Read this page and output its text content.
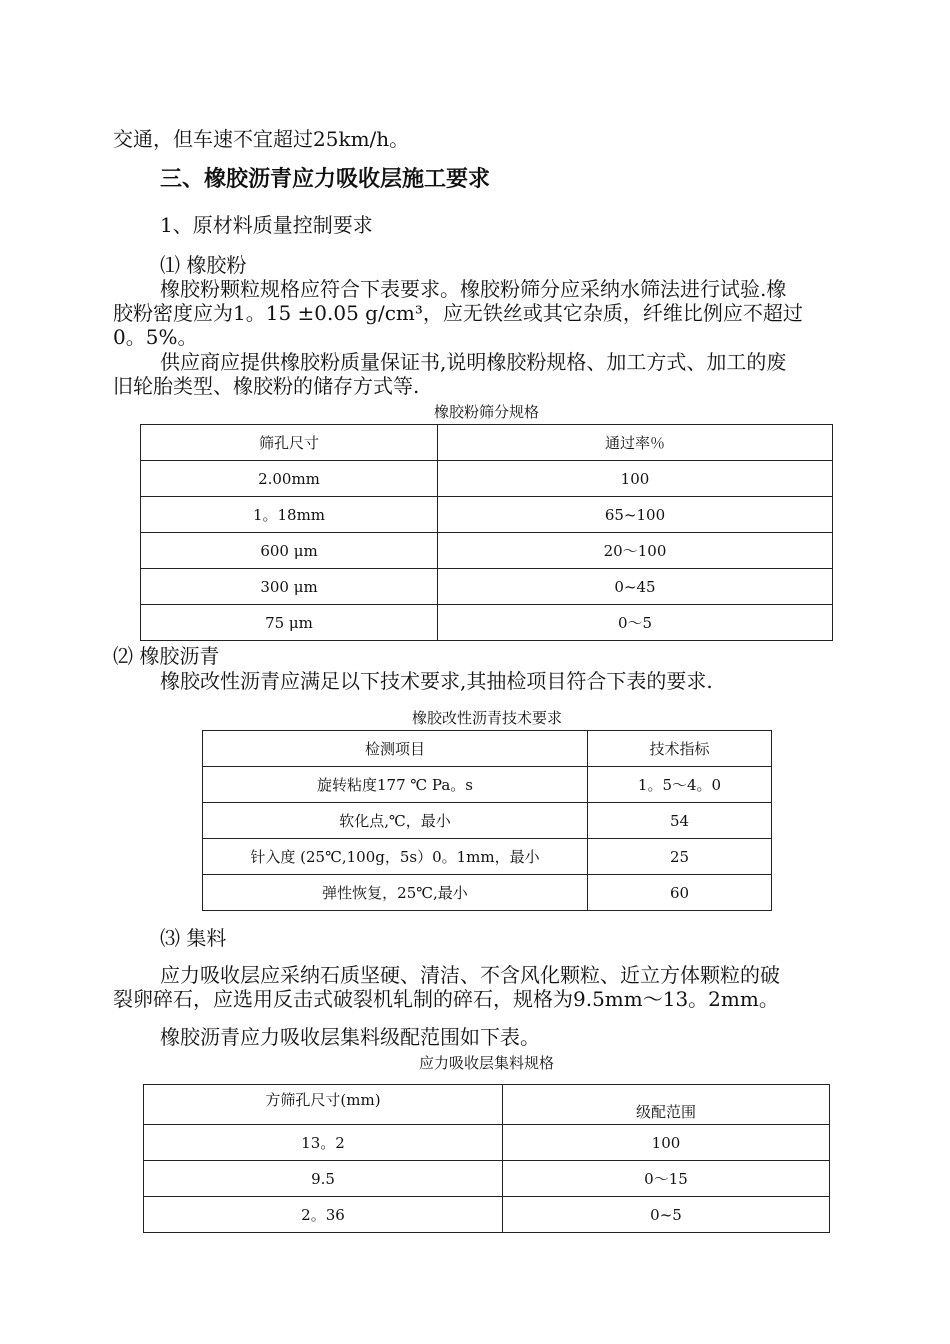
交通，但车速不宜超过25km/h。
三、橡胶沥青应力吸收层施工要求
1、原材料质量控制要求
⑴ 橡胶粉
橡胶粉颗粒规格应符合下表要求。橡胶粉筛分应采纳水筛法进行试验.橡
胶粉密度应为1。15 ±0.05 g/cm³，应无铁丝或其它杂质，纤维比例应不超过
0。5%。
供应商应提供橡胶粉质量保证书,说明橡胶粉规格、加工方式、加工的废
旧轮胎类型、橡胶粉的储存方式等.
橡胶粉筛分规格
筛孔尺寸	通过率％
2.00mm	100
1。18mm	65~100
600 μm	20～100
300 μm	0~45
75 μm	0～5
⑵ 橡胶沥青
橡胶改性沥青应满足以下技术要求,其抽检项目符合下表的要求.
橡胶改性沥青技术要求
检测项目	技术指标
旋转粘度177 ℃ Pa。s	1。5～4。0
软化点,℃，最小	54
针入度 (25℃,100g，5s）0。1mm，最小	25
弹性恢复，25℃,最小	60
⑶ 集料
应力吸收层应采纳石质坚硬、清洁、不含风化颗粒、近立方体颗粒的破
裂卵碎石，应选用反击式破裂机轧制的碎石，规格为9.5mm～13。2mm。
橡胶沥青应力吸收层集料级配范围如下表。
应力吸收层集料规格
方筛孔尺寸(mm)	级配范围
13。2	100
9.5	0～15
2。36	0~5
